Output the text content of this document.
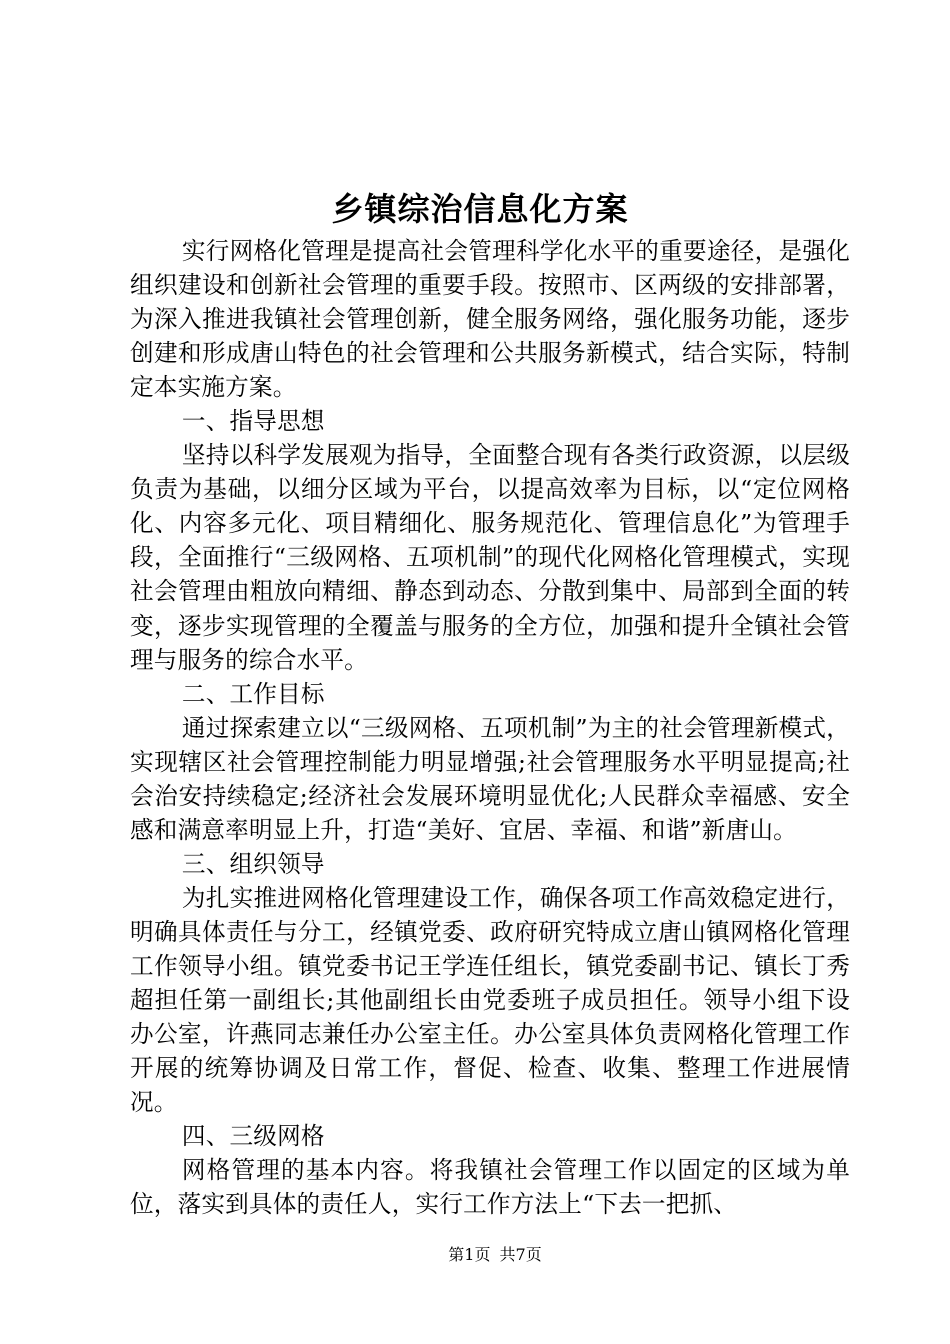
乡镇综治信息化方案

实行网格化管理是提高社会管理科学化水平的重要途径，是强化组织建设和创新社会管理的重要手段。按照市、区两级的安排部署，为深入推进我镇社会管理创新，健全服务网络，强化服务功能，逐步创建和形成唐山特色的社会管理和公共服务新模式，结合实际，特制定本实施方案。

一、指导思想

坚持以科学发展观为指导，全面整合现有各类行政资源，以层级负责为基础，以细分区域为平台，以提高效率为目标，以“定位网格化、内容多元化、项目精细化、服务规范化、管理信息化”为管理手段，全面推行“三级网格、五项机制”的现代化网格化管理模式，实现社会管理由粗放向精细、静态到动态、分散到集中、局部到全面的转变，逐步实现管理的全覆盖与服务的全方位，加强和提升全镇社会管理与服务的综合水平。

二、工作目标

通过探索建立以“三级网格、五项机制”为主的社会管理新模式，实现辖区社会管理控制能力明显增强;社会管理服务水平明显提高;社会治安持续稳定;经济社会发展环境明显优化;人民群众幸福感、安全感和满意率明显上升，打造“美好、宜居、幸福、和谐”新唐山。

三、组织领导

为扎实推进网格化管理建设工作，确保各项工作高效稳定进行，明确具体责任与分工，经镇党委、政府研究特成立唐山镇网格化管理工作领导小组。镇党委书记王学连任组长，镇党委副书记、镇长丁秀超担任第一副组长;其他副组长由党委班子成员担任。领导小组下设办公室，许燕同志兼任办公室主任。办公室具体负责网格化管理工作开展的统筹协调及日常工作，督促、检查、收集、整理工作进展情况。

四、三级网格

网格管理的基本内容。将我镇社会管理工作以固定的区域为单位，落实到具体的责任人，实行工作方法上“下去一把抓、

第1页 共7页
